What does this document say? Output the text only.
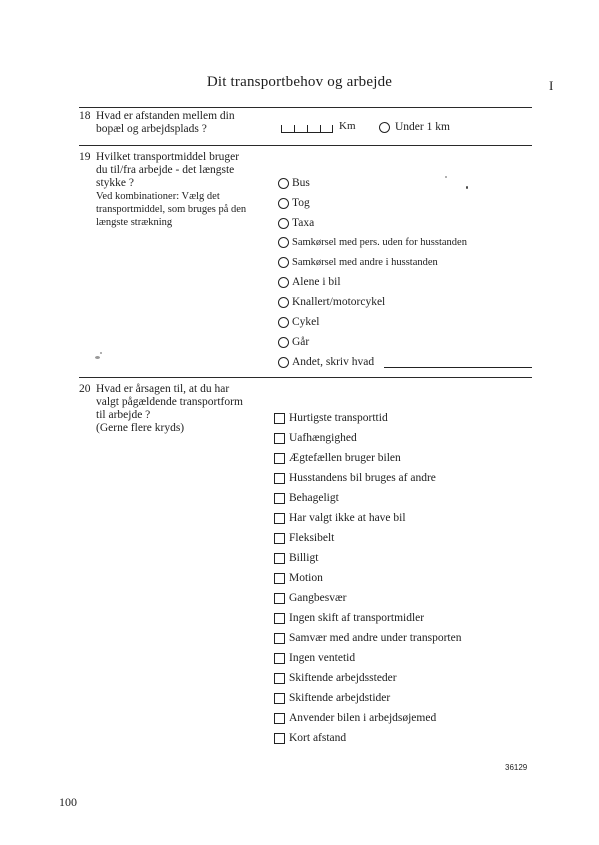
Dit transportbehov og arbejde	I
18 Hvad er afstanden mellem din
bopæl og arbejdsplads ?	Km	Under 1 km
19 Hvilket transportmiddel bruger
du til/fra arbejde - det længste
stykke ?
Ved kombinationer: Vælg det
transportmiddel, som bruges på den
længste strækning
Bus
Tog
Taxa
Samkørsel med pers. uden for husstanden
Samkørsel med andre i husstanden
Alene i bil
Knallert/motorcykel
Cykel
Går
Andet, skriv hvad
20 Hvad er årsagen til, at du har
valgt pågældende transportform
til arbejde ?
(Gerne flere kryds)
Hurtigste transporttid
Uafhængighed
Ægtefællen bruger bilen
Husstandens bil bruges af andre
Behageligt
Har valgt ikke at have bil
Fleksibelt
Billigt
Motion
Gangbesvær
Ingen skift af transportmidler
Samvær med andre under transporten
Ingen ventetid
Skiftende arbejdssteder
Skiftende arbejdstider
Anvender bilen i arbejdsøjemed
Kort afstand
36129
100
